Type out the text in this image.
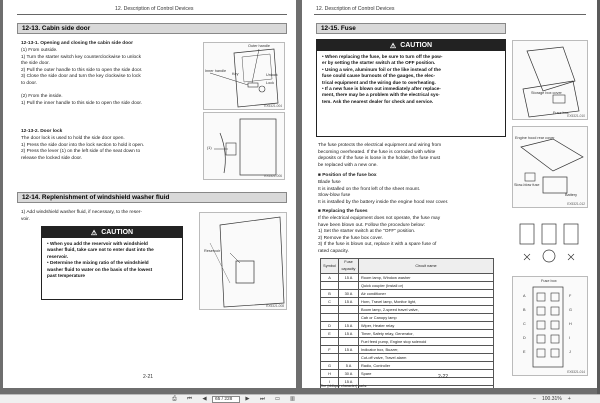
12. Description of Control Devices
12-13. Cabin side door
12-13-1. Opening and closing the cabin side door
(1) From outside.
1) Turn the starter switch key counterclockwise to unlock
the side door.
2) Pull the outer handle to this side to open the side door.
3) Close the side door and turn the key clockwise to lock
to door.

(2) From the inside.
1) Pull the inner handle to this side to open the side door.
12-13-2. Door lock
The door lock is used to hold the side door open.
1) Press the side door into the lock section to hold it open.
2) Press the lever (1) on the left side of the seat down to
release the locked side door.
Outer handle
Inner handle
Key	Unlock
Lock
EX5321-004
(1)
EX5321-006
12-14. Replenishment of windshield washer fluid
1) Add windshield washer fluid, if necessary, to the reser-
voir.
⚠ CAUTION
• When you add the reservoir with windshield
washer fluid, take care not to enter dust into the
reservoir.
• Determine the mixing ratio of the windshield
washer fluid to water on the basis of the lowest
past temperature
Reservoir
EX5321-008
2-21
12. Description of Control Devices
12-15. Fuse
⚠ CAUTION
• When replacing the fuse, be sure to turn off the pow-
er by setting the starter switch at the OFF position.
• Using a wire, aluminum foil or the like instead of the
fuse could cause burnouts of the gauges, the elec-
trical equipment and the wiring due to overheating.
• If a new fuse is blown out immediately after replace-
ment, there may be a problem with the electrical sys-
tem. Ask the nearest dealer for check and service.
The fuse protects the electrical equipment and wiring from
becoming overheated. If the fuse is corroded with white
deposits or if the fuse is loose in the holder, the fuse must
be replaced with a new one.
■ Position of the fuse box
Blade fuse
It is installed on the front left of the sheet mount.
Slow-blow fuse
It is installed by the battery inside the engine hood rear cover.
■ Replacing the fuses
If the electrical equipment does not operate, the fuse may
have been blown out. Follow the procedure below:
1) Set the starter switch at the "OFF" position.
2) Remove the fuse box cover.
3) If the fuse is blown out, replace it with a spare fuse of
rated capacity.
Symbol	Fuse capacity	Circuit name
A	15 A	Room lamp, Window washer
		Quick coupler (Install or)
B	30 A	Air conditioner
C	15 A	Horn, Travel lamp, Monitor light,
		Boom lamp, 2-speed travel valve,
		Cab or Canopy lamp
D	15 A	Wiper, Heater relay
E	15 A	Timer, Safety relay, Generator,
		Fuel feed pump, Engine stop solenoid
F	15 A	Indicator box, Buzzer,
		Cut-off valve, Travel alarm
G	5 A	Radio, Controller
H	30 A	Spare
I	15 A	

The (oblique character) parts:

Storage box cover
Fuse box
EX5321-010
Engine hood rear cover
Slow-blow fuse
Battery
EX5321-012
Fuse box
A
B
C
D
E
F
G
H
I
J
EX5321-014
2-22
⎙	⏮	◀	65 / 228	▶	⏭	▭	▥	−	100.31%	+
